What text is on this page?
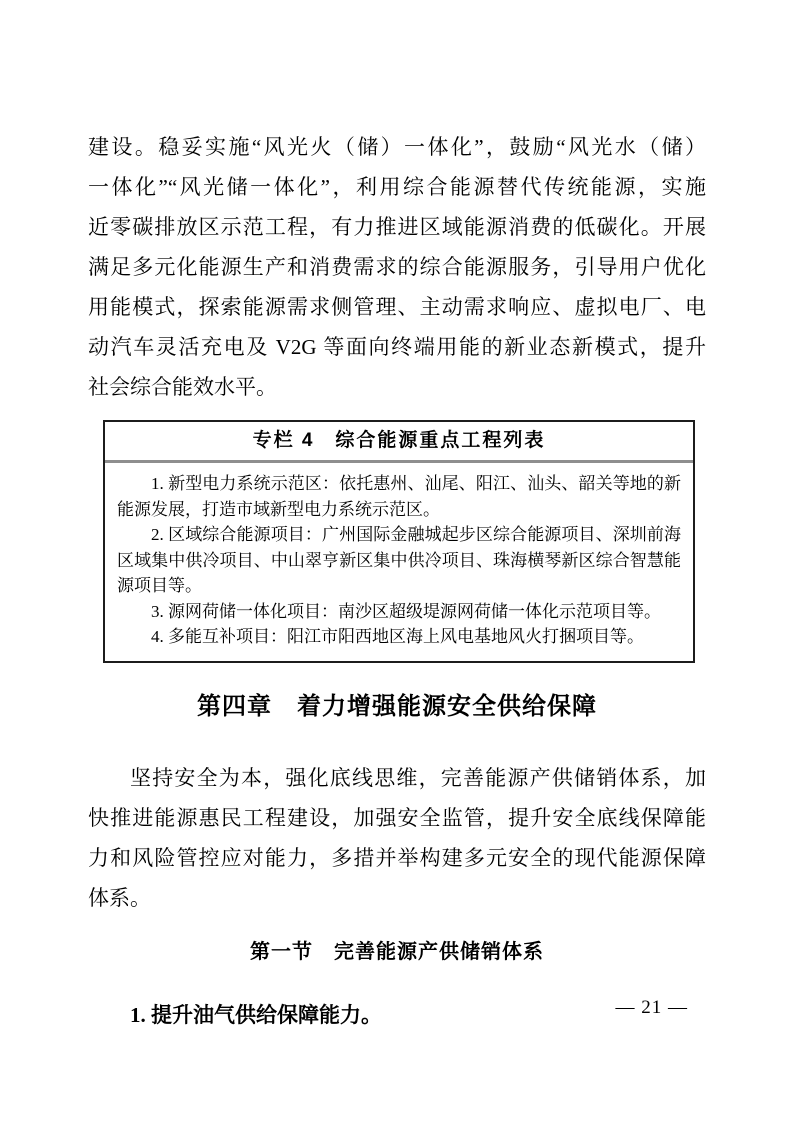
建设。稳妥实施“风光火（储）一体化”，鼓励“风光水（储）
一体化”“风光储一体化”，利用综合能源替代传统能源，实施
近零碳排放区示范工程，有力推进区域能源消费的低碳化。开展
满足多元化能源生产和消费需求的综合能源服务，引导用户优化
用能模式，探索能源需求侧管理、主动需求响应、虚拟电厂、电
动汽车灵活充电及 V2G 等面向终端用能的新业态新模式，提升
社会综合能效水平。
专栏 4　综合能源重点工程列表

1. 新型电力系统示范区：依托惠州、汕尾、阳江、汕头、韶关等地的新能源发展，打造市域新型电力系统示范区。

2. 区域综合能源项目：广州国际金融城起步区综合能源项目、深圳前海区域集中供冷项目、中山翠亨新区集中供冷项目、珠海横琴新区综合智慧能源项目等。

3. 源网荷储一体化项目：南沙区超级堤源网荷储一体化示范项目等。

4. 多能互补项目：阳江市阳西地区海上风电基地风火打捆项目等。

第四章　着力增强能源安全供给保障
坚持安全为本，强化底线思维，完善能源产供储销体系，加
快推进能源惠民工程建设，加强安全监管，提升安全底线保障能
力和风险管控应对能力，多措并举构建多元安全的现代能源保障
体系。
第一节　完善能源产供储销体系

1. 提升油气供给保障能力。	— 21 —
